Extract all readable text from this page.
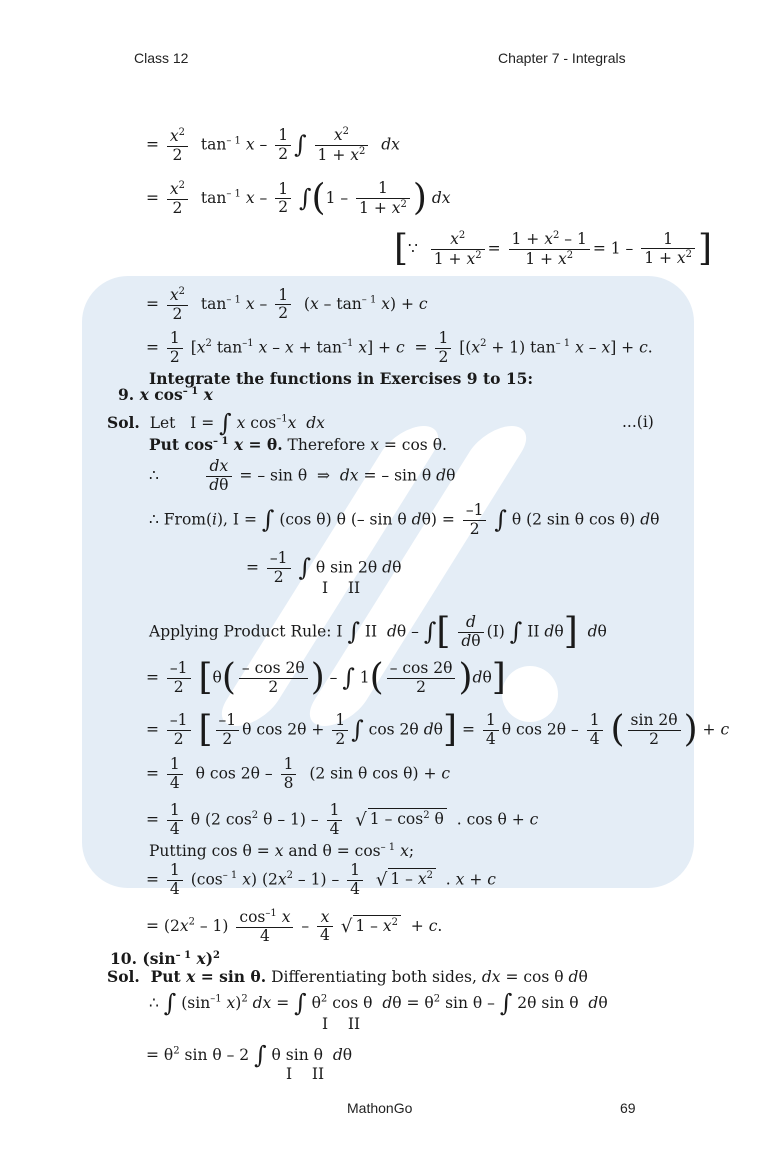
Class 12	Chapter 7 - Integrals
= $\frac{x^2}{2} \tan^{- 1} x - \frac{1}{2}$ ∫ $\frac{x^2}{1 + x^2}$ dx
= $\frac{x^2}{2} \tan^{- 1} x - \frac{1}{2} \int(1 - \frac{1}{1 + x^2}$ ) dx
[∵ $\frac{x^2}{1 + x^2} = \frac{1 + x^2 - 1}{1 + x^2} = 1 - \frac{1}{1 + x^2}$ ]
= $\frac{x^2}{2} \tan^{- 1} x - \frac{1}{2} (x - \tan^{- 1} x) + c$
= $\frac{1}{2} [x^2$ $\tan^{-1} x - x + \tan^{-1} x] + c = \frac{1}{2} [(x^2 + 1)$ $\tan^{- 1} x - x] + c$.
Integrate the functions in Exercises 9 to 15:
9. x $\cos^{- 1} x$
Sol. Let   I = ∫ x $\cos^{-1}x$ dx	...(i)
Put $\cos^{- 1} x = \theta$. Therefore x = cos θ.
∴ $\frac{dx}{d\theta}$ = – sin θ  ⇒  dx = – sin θ dθ
∴ From(i), I = ∫ (cos θ) θ (– sin θ $d\theta) = \frac{-1}{2}$ ∫ θ (2 sin θ cos θ) dθ
= $\frac{-1}{2}$ ∫ θ sin 2θ dθ
I    II
Applying Product Rule: I ∫ II  dθ – ∫[ $\frac{d}{d\theta} (I)$ ∫ II dθ] dθ
= $\frac{-1}{2} [\theta( \frac{- \cos 2\theta}{2}$ ) – ∫ $1( \frac{- \cos 2\theta}{2} )d\theta$]
= $\frac{-1}{2}$ [ $\frac{-1}{2}$ θ $\cos 2\theta + \frac{1}{2}$ ∫ cos 2θ $d\theta] = \frac{1}{4}$ θ $\cos 2\theta - \frac{1}{4}$ ( $\frac{\sin 2\theta}{2}$ ) + c
= $\frac{1}{4}$ θ $\cos 2\theta - \frac{1}{8} (2$ sin θ cos θ) + c
= $\frac{1}{4}$ θ (2 $\cos^2 \theta - 1) - \frac{1}{4}$ √ $1 - \cos^2 \theta$  . cos θ + c
Putting cos θ = x and $\theta = \cos^{- 1} x$;
= $\frac{1}{4} (\cos^{- 1}$ x) $(2x^2 - 1) - \frac{1}{4}$ √ $1 - x^2$  . x + c
= $(2x^2 - 1) \frac{\cos^{-1} x}{4} - \frac{x}{4}$ √ $1 - x^2 + c$.
10. ($\sin^{- 1}$ x)$^2$
Sol.  Put x = sin θ. Differentiating both sides, dx = cos θ dθ
∴ ∫ ($\sin^{-1}$ x)$^2$ dx = ∫ $\theta^2$ cos θ  $d\theta = \theta^2$ sin θ – ∫ 2θ sin θ  dθ
I    II
= $\theta^2$ sin θ – 2 ∫ θ sin θ  dθ
I    II
MathonGo	69
